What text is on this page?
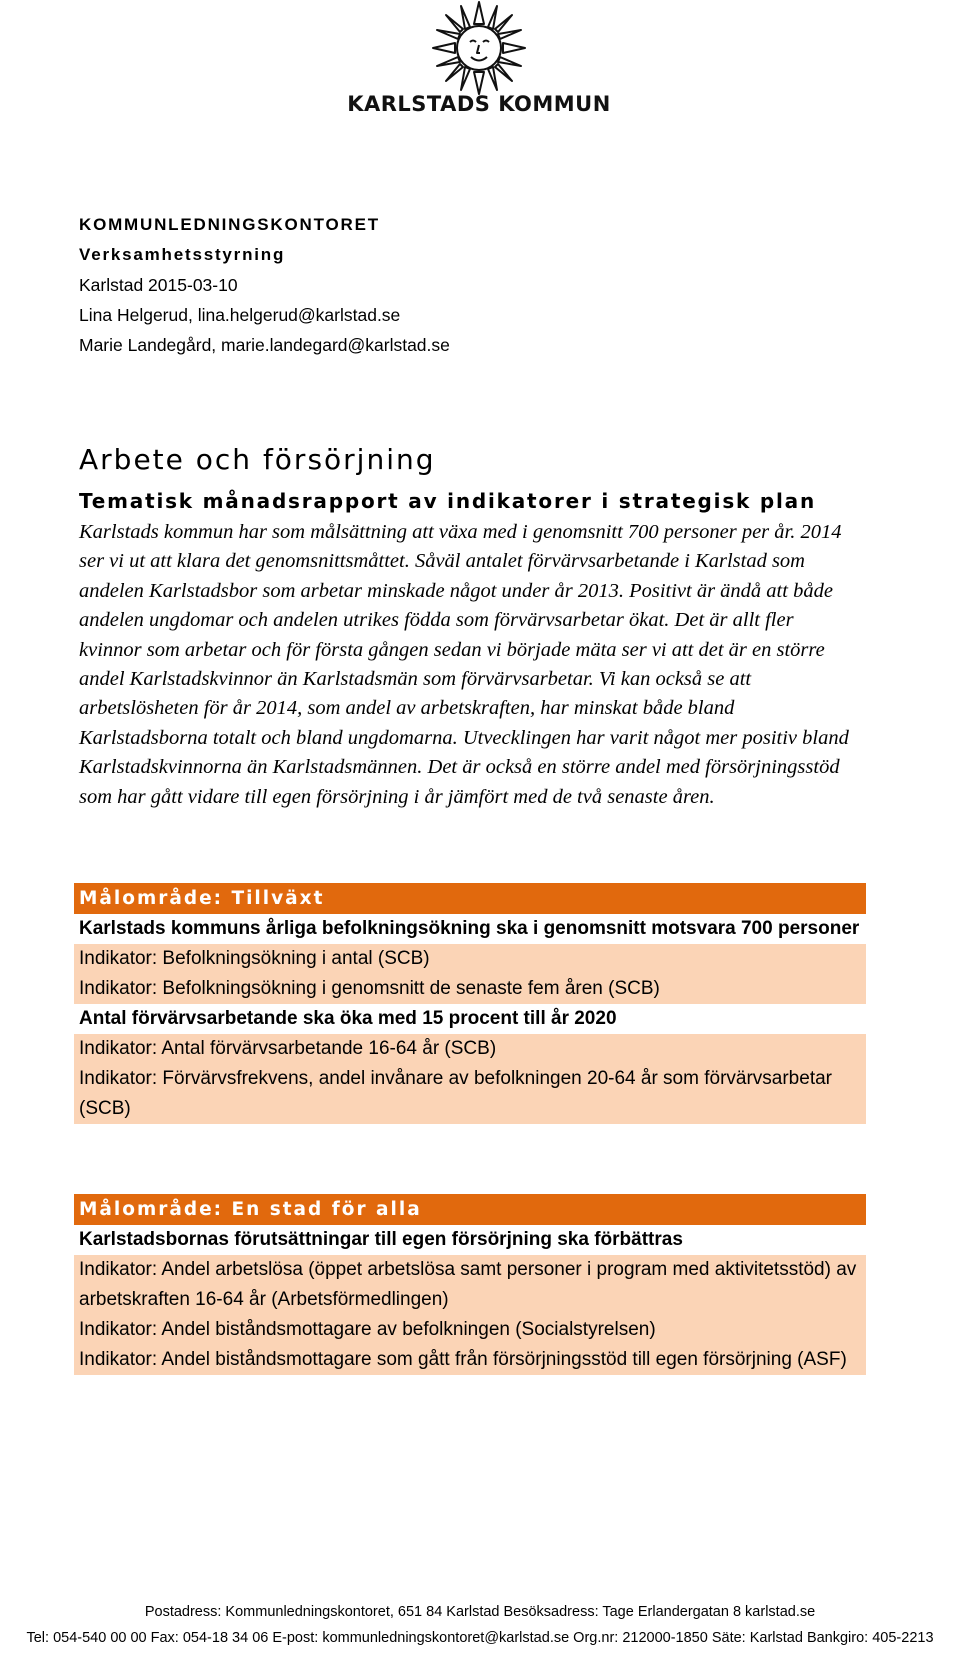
KARLSTADS KOMMUN
KOMMUNLEDNINGSKONTORET
Verksamhetsstyrning
Karlstad 2015-03-10
Lina Helgerud, lina.helgerud@karlstad.se
Marie Landegård, marie.landegard@karlstad.se
Arbete och försörjning
Tematisk månadsrapport av indikatorer i strategisk plan
Karlstads kommun har som målsättning att växa med i genomsnitt 700 personer per år. 2014 ser vi ut att klara det genomsnittsmåttet. Såväl antalet förvärvsarbetande i Karlstad som andelen Karlstadsbor som arbetar minskade något under år 2013. Positivt är ändå att både andelen ungdomar och andelen utrikes födda som förvärvsarbetar ökat. Det är allt fler kvinnor som arbetar och för första gången sedan vi började mäta ser vi att det är en större andel Karlstadskvinnor än Karlstadsmän som förvärvsarbetar. Vi kan också se att arbetslösheten för år 2014, som andel av arbetskraften, har minskat både bland Karlstadsborna totalt och bland ungdomarna. Utvecklingen har varit något mer positiv bland Karlstadskvinnorna än Karlstadsmännen. Det är också en större andel med försörjningsstöd som har gått vidare till egen försörjning i år jämfört med de två senaste åren.
Målområde: Tillväxt
Karlstads kommuns årliga befolkningsökning ska i genomsnitt motsvara 700 personer
Indikator: Befolkningsökning i antal (SCB)
Indikator: Befolkningsökning i genomsnitt de senaste fem åren (SCB)
Antal förvärvsarbetande ska öka med 15 procent till år 2020
Indikator: Antal förvärvsarbetande 16-64 år (SCB)
Indikator: Förvärvsfrekvens, andel invånare av befolkningen 20-64 år som förvärvsarbetar (SCB)
Målområde: En stad för alla
Karlstadsbornas förutsättningar till egen försörjning ska förbättras
Indikator: Andel arbetslösa (öppet arbetslösa samt personer i program med aktivitetsstöd) av arbetskraften 16-64 år (Arbetsförmedlingen)
Indikator: Andel biståndsmottagare av befolkningen (Socialstyrelsen)
Indikator: Andel biståndsmottagare som gått från försörjningsstöd till egen försörjning (ASF)
Postadress: Kommunledningskontoret, 651 84 Karlstad Besöksadress: Tage Erlandergatan 8 karlstad.se
Tel: 054-540 00 00 Fax: 054-18 34 06 E-post: kommunledningskontoret@karlstad.se Org.nr: 212000-1850 Säte: Karlstad Bankgiro: 405-2213
